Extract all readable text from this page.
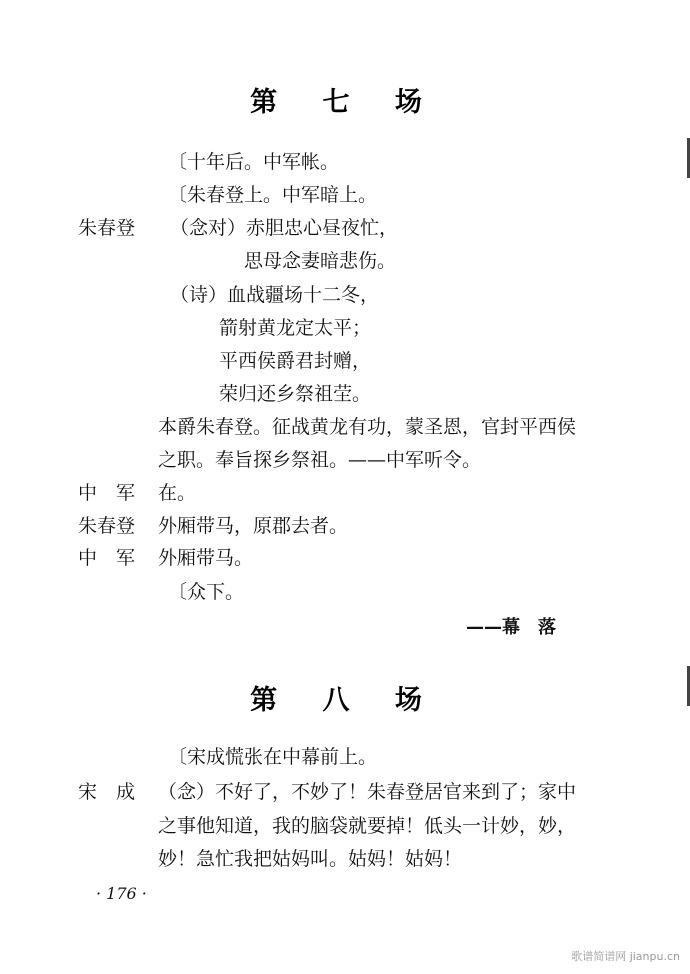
第 七 场
〔十年后。中军帐。
〔朱春登上。中军暗上。
朱春登 （念对）赤胆忠心昼夜忙，
思母念妻暗悲伤。
（诗）血战疆场十二冬，
箭射黄龙定太平；
平西侯爵君封赠，
荣归还乡祭祖茔。
本爵朱春登。征战黄龙有功，蒙圣恩，官封平西侯
之职。奉旨探乡祭祖。——中军听令。
中　军 在。
朱春登 外厢带马，原郡去者。
中　军 外厢带马。
〔众下。
——幕　落
第 八 场
〔宋成慌张在中幕前上。
宋　成 （念）不好了，不妙了！朱春登居官来到了；家中
之事他知道，我的脑袋就要掉！低头一计妙，妙，
妙！急忙我把姑妈叫。姑妈！姑妈！
· 176 ·
歌谱简谱网 jianpu.cn
